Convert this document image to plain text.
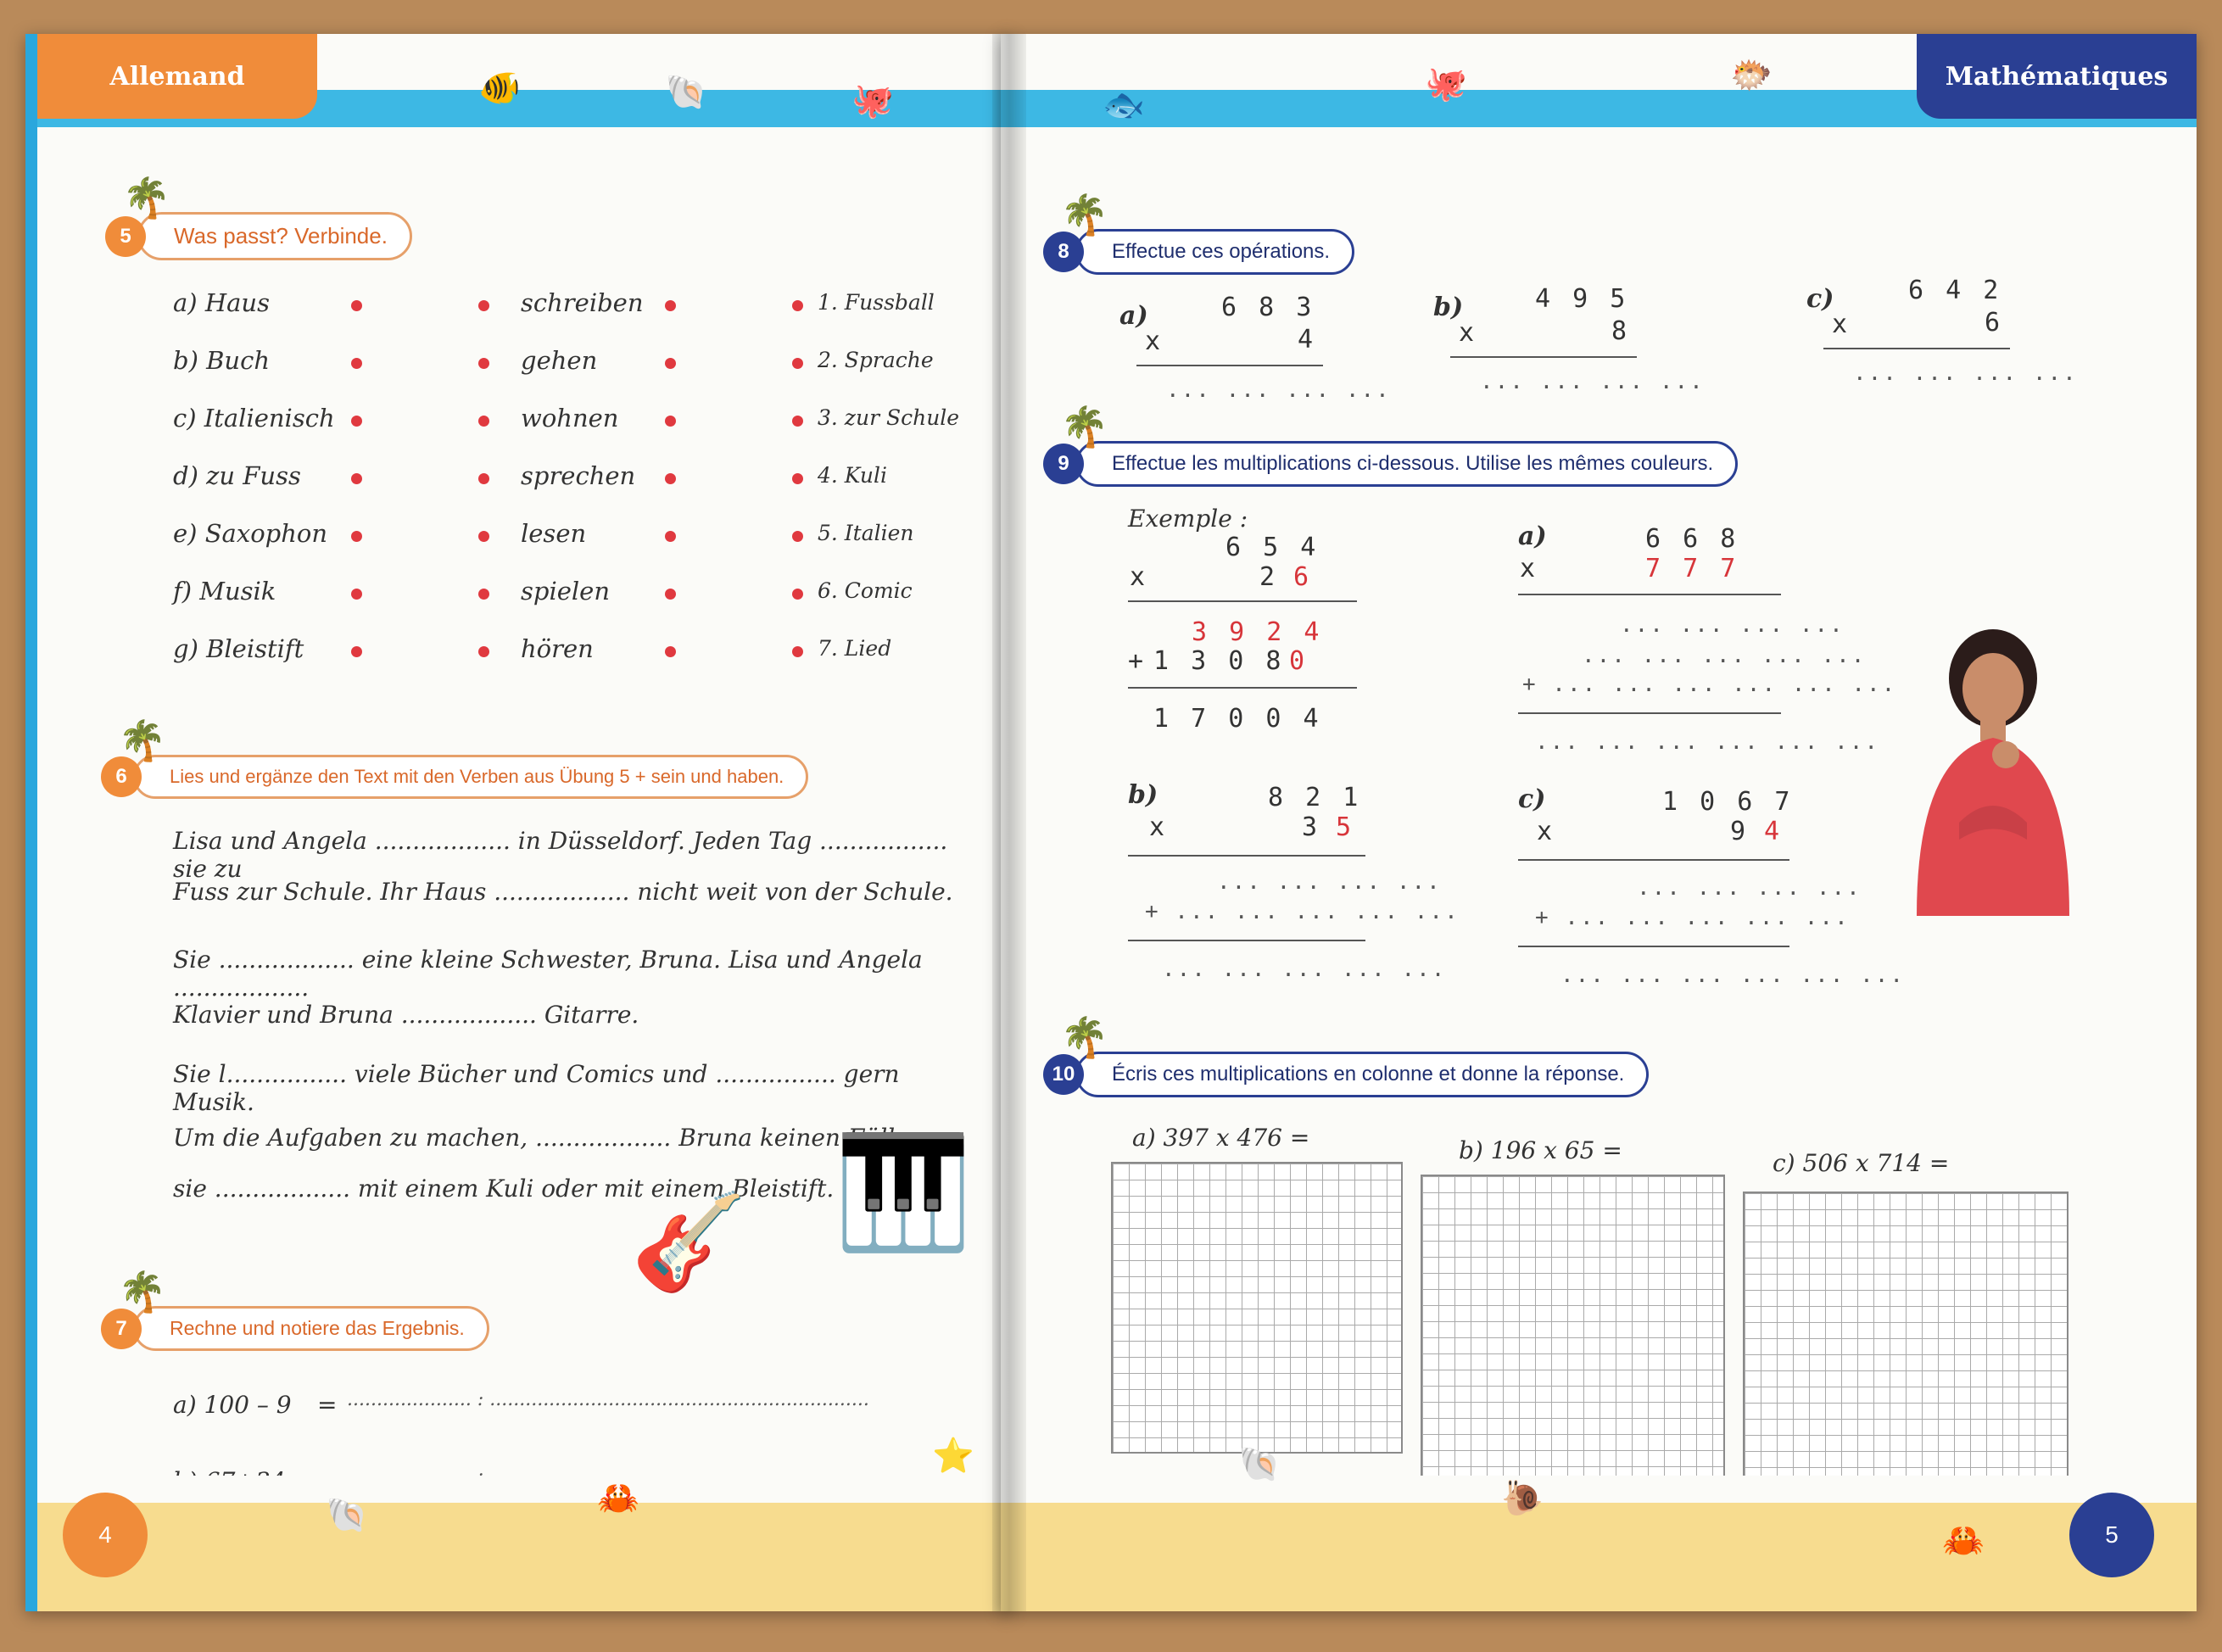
Allemand	🐠	🐚	🐙
🌴
5	Was passt? Verbinde.
a) Haus	schreiben	1. Fussball
b) Buch	gehen	2. Sprache
c) Italienisch	wohnen	3. zur Schule
d) zu Fuss	sprechen	4. Kuli
e) Saxophon	lesen	5. Italien
f) Musik	spielen	6. Comic
g) Bleistift	hören	7. Lied
🌴
6	Lies und ergänze den Text mit den Verben aus Übung 5 + sein und haben.
Lisa und Angela .................. in Düsseldorf. Jeden Tag ................. sie zu
Fuss zur Schule. Ihr Haus .................. nicht weit von der Schule.
Sie .................. eine kleine Schwester, Bruna. Lisa und Angela ..................
Klavier und Bruna .................. Gitarre.
Sie l................ viele Bücher und Comics und ................ gern Musik.
Um die Aufgaben zu machen, .................. Bruna keinen Füller;
sie .................. mit einem Kuli oder mit einem Bleistift.
🎸 🎹
🌴
7	Rechne und notiere das Ergebnis.
a) 100 – 9 = ..................... : ................................................................
🐚	🦀
⭐
4
Mathématiques
🐟
🐙	🐡
🌴
8	Effectue ces opérations.
a)	6 8 3
x	4
... ... ... ...
b)	4 9 5
x	8
... ... ... ...
c)	6 4 2
x	6
... ... ... ...
🌴
9	Effectue les multiplications ci-dessous. Utilise les mêmes couleurs.
Exemple :
6 5 4
x	2 6
3 9 2 4
+ 1 3 0 8 0
1 7 0 0 4
a)	6 6 8
x	7 7 7
... ... ... ...
... ... ... ... ...
+ ... ... ... ... ... ...
... ... ... ... ... ...
b)	8 2 1
x	3 5
... ... ... ...
+ ... ... ... ... ...
... ... ... ... ...
c)	1 0 6 7
x	9 4
... ... ... ...
+ ... ... ... ... ...
... ... ... ... ... ...
🌴
10	Écris ces multiplications en colonne et donne la réponse.
a) 397 x 476 =	b) 196 x 65 =	c) 506 x 714 =
🐚
🐌
🦀	5
